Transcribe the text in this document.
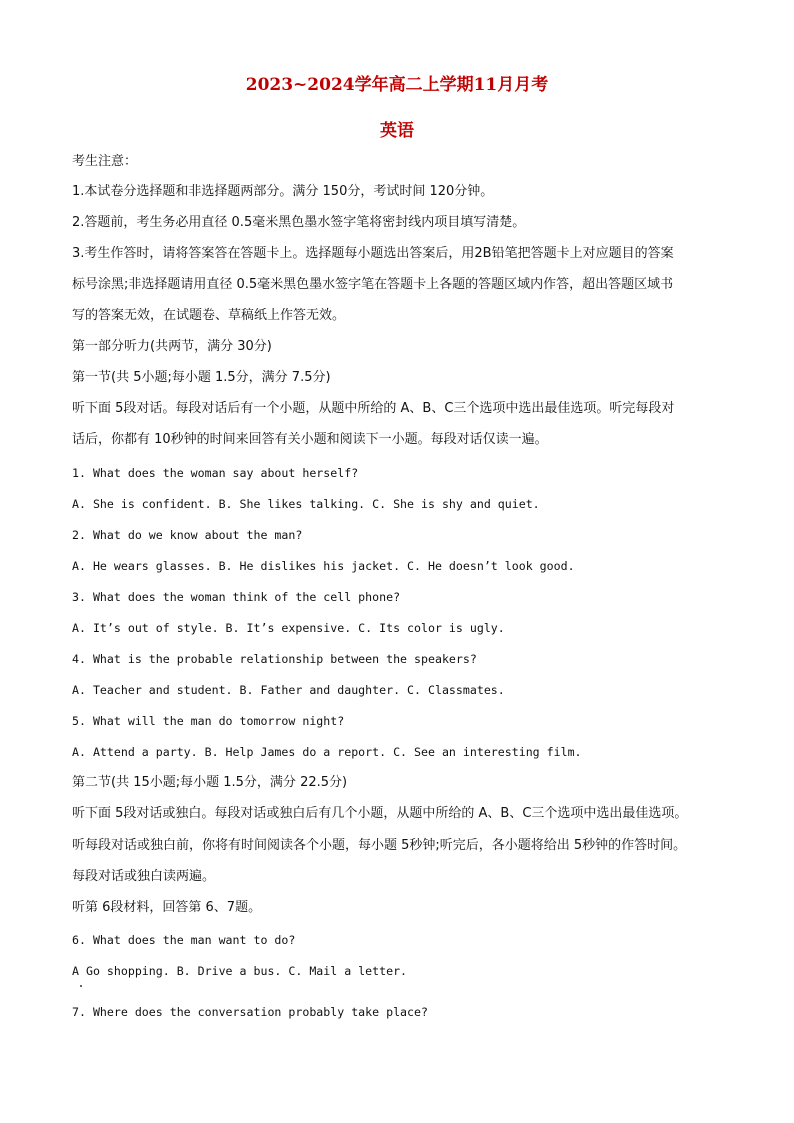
2023~2024学年高二上学期11月月考
英语
考生注意：
1.本试卷分选择题和非选择题两部分。满分 150分，考试时间 120分钟。
2.答题前，考生务必用直径 0.5毫米黑色墨水签字笔将密封线内项目填写清楚。
3.考生作答时，请将答案答在答题卡上。选择题每小题选出答案后，用2B铅笔把答题卡上对应题目的答案
标号涂黑;非选择题请用直径 0.5毫米黑色墨水签字笔在答题卡上各题的答题区域内作答，超出答题区域书
写的答案无效，在试题卷、草稿纸上作答无效。
第一部分听力(共两节，满分 30分)
第一节(共 5小题;每小题 1.5分，满分 7.5分)
听下面 5段对话。每段对话后有一个小题，从题中所给的 A、B、C三个选项中选出最佳选项。听完每段对
话后，你都有 10秒钟的时间来回答有关小题和阅读下一小题。每段对话仅读一遍。
1. What does the woman say about herself?
A. She is confident. B. She likes talking. C. She is shy and quiet.
2. What do we know about the man?
A. He wears glasses. B. He dislikes his jacket. C. He doesn’t look good.
3. What does the woman think of the cell phone?
A. It’s out of style. B. It’s expensive. C. Its color is ugly.
4. What is the probable relationship between the speakers?
A. Teacher and student. B. Father and daughter. C. Classmates.
5. What will the man do tomorrow night?
A. Attend a party. B. Help James do a report. C. See an interesting film.
第二节(共 15小题;每小题 1.5分，满分 22.5分)
听下面 5段对话或独白。每段对话或独白后有几个小题，从题中所给的 A、B、C三个选项中选出最佳选项。
听每段对话或独白前，你将有时间阅读各个小题，每小题 5秒钟;听完后，各小题将给出 5秒钟的作答时间。
每段对话或独白读两遍。
听第 6段材料，回答第 6、7题。
6. What does the man want to do?
A Go shopping. B. Drive a bus. C. Mail a letter.
7. Where does the conversation probably take place?
